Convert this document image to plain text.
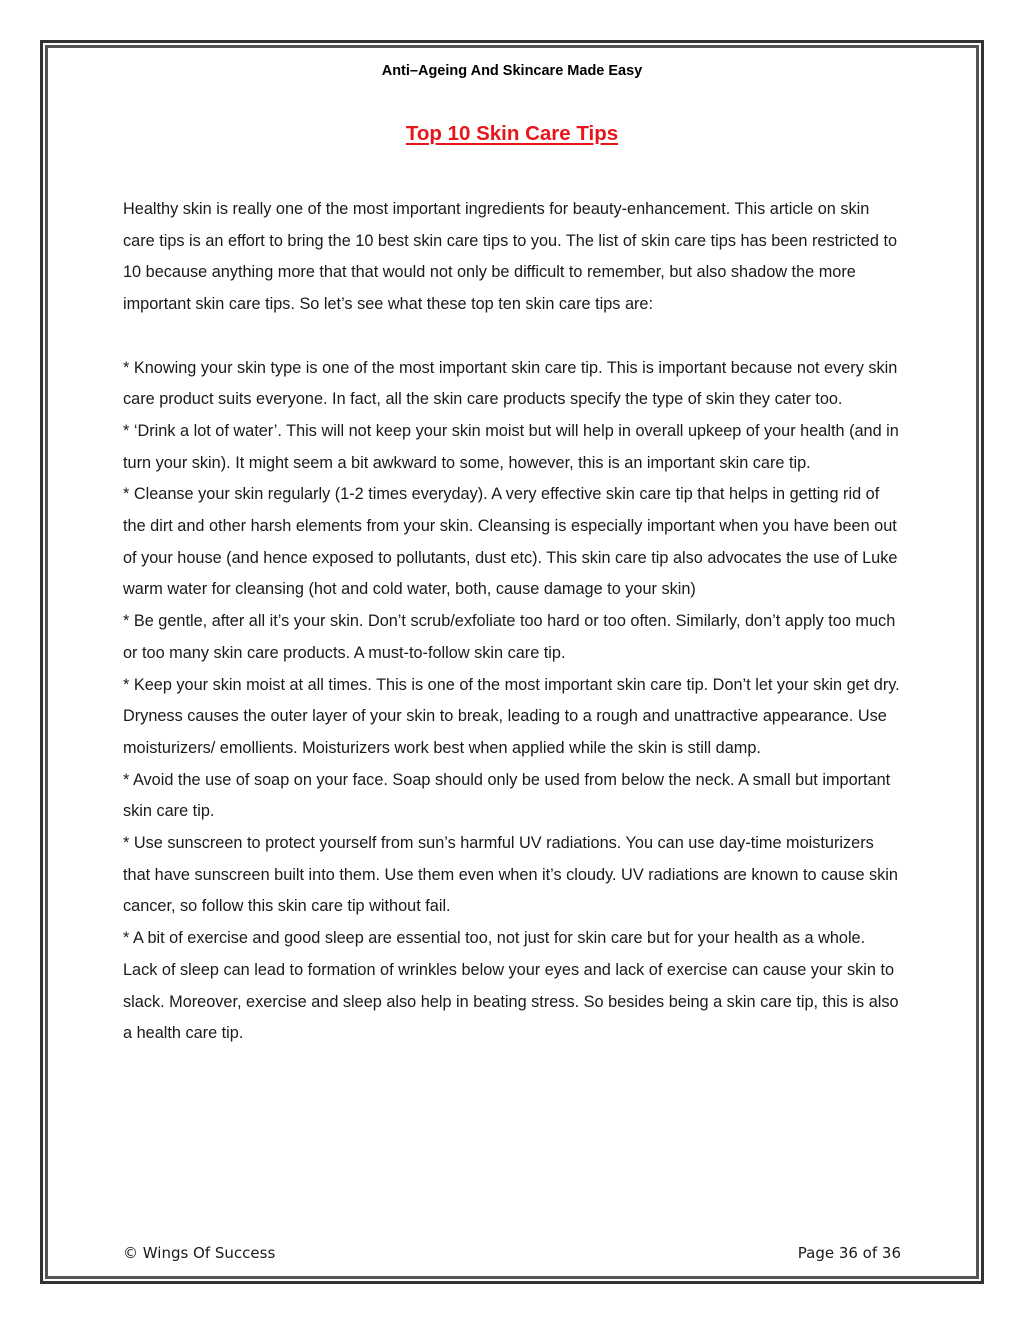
Anti–Ageing And Skincare Made Easy
Top 10 Skin Care Tips

Healthy skin is really one of the most important ingredients for beauty-enhancement. This article on skin care tips is an effort to bring the 10 best skin care tips to you. The list of skin care tips has been restricted to 10 because anything more that that would not only be difficult to remember, but also shadow the more important skin care tips. So let’s see what these top ten skin care tips are:

* Knowing your skin type is one of the most important skin care tip. This is important because not every skin care product suits everyone. In fact, all the skin care products specify the type of skin they cater too.

* ‘Drink a lot of water’. This will not keep your skin moist but will help in overall upkeep of your health (and in turn your skin). It might seem a bit awkward to some, however, this is an important skin care tip.

* Cleanse your skin regularly (1-2 times everyday). A very effective skin care tip that helps in getting rid of the dirt and other harsh elements from your skin. Cleansing is especially important when you have been out of your house (and hence exposed to pollutants, dust etc). This skin care tip also advocates the use of Luke warm water for cleansing (hot and cold water, both, cause damage to your skin)

* Be gentle, after all it’s your skin. Don’t scrub/exfoliate too hard or too often. Similarly, don’t apply too much or too many skin care products. A must-to-follow skin care tip.

* Keep your skin moist at all times. This is one of the most important skin care tip. Don’t let your skin get dry. Dryness causes the outer layer of your skin to break, leading to a rough and unattractive appearance. Use moisturizers/ emollients. Moisturizers work best when applied while the skin is still damp.

* Avoid the use of soap on your face. Soap should only be used from below the neck. A small but important skin care tip.

* Use sunscreen to protect yourself from sun’s harmful UV radiations. You can use day-time moisturizers that have sunscreen built into them. Use them even when it’s cloudy. UV radiations are known to cause skin cancer, so follow this skin care tip without fail.

* A bit of exercise and good sleep are essential too, not just for skin care but for your health as a whole. Lack of sleep can lead to formation of wrinkles below your eyes and lack of exercise can cause your skin to slack. Moreover, exercise and sleep also help in beating stress. So besides being a skin care tip, this is also a health care tip.

© Wings Of Success	Page 36 of 36
